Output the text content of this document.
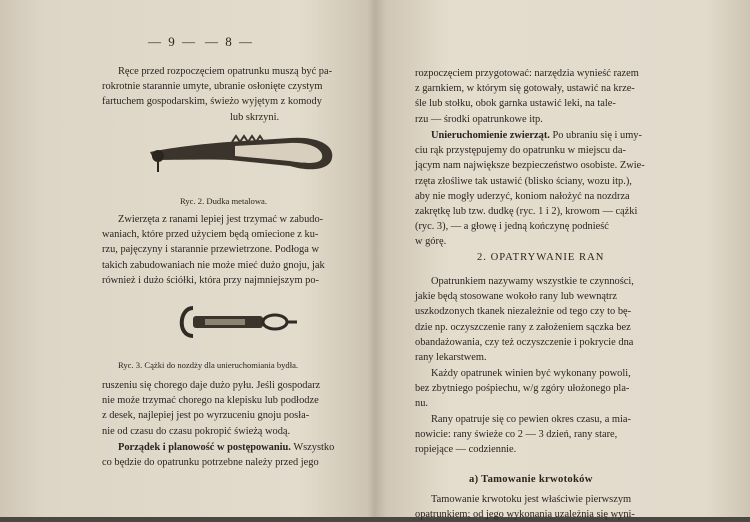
— 8 —
Ręce przed rozpoczęciem opatrunku muszą być pa-
rokrotnie starannie umyte, ubranie osłonięte czystym
fartuchem gospodarskim, świeżo wyjętym z komody
lub skrzyni.
Ryc. 2. Dudka metalowa.
Zwierzęta z ranami lepiej jest trzymać w zabudo-
waniach, które przed użyciem będą omiecione z ku-
rzu, pajęczyny i starannie przewietrzone. Podłoga w
takich zabudowaniach nie może mieć dużo gnoju, jak
również i dużo ściółki, która przy najmniejszym po-
Ryc. 3. Cążki do nozdży dla unieruchomiania bydła.
ruszeniu się chorego daje dużo pyłu. Jeśli gospodarz
nie może trzymać chorego na klepisku lub podłodze
z desek, najlepiej jest po wyrzuceniu gnoju posła-
nie od czasu do czasu pokropić świeżą wodą.
Porządek i planowość w postępowaniu. Wszystko
co będzie do opatrunku potrzebne należy przed jego
— 9 —
rozpoczęciem przygotować: narzędzia wynieść razem
z garnkiem, w którym się gotowały, ustawić na krze-
śle lub stołku, obok garnka ustawić leki, na tale-
rzu — środki opatrunkowe itp.
Unieruchomienie zwierząt. Po ubraniu się i umy-
ciu rąk przystępujemy do opatrunku w miejscu da-
jącym nam największe bezpieczeństwo osobiste. Zwie-
rzęta złośliwe tak ustawić (blisko ściany, wozu itp.),
aby nie mogły uderzyć, koniom nałożyć na nozdrza
zakrętkę lub tzw. dudkę (ryc. 1 i 2), krowom — cążki
(ryc. 3), — a głowę i jedną kończynę podnieść
w górę.
2. OPATRYWANIE RAN
Opatrunkiem nazywamy wszystkie te czynności,
jakie będą stosowane wokoło rany lub wewnątrz
uszkodzonych tkanek niezależnie od tego czy to bę-
dzie np. oczyszczenie rany z założeniem sączka bez
obandażowania, czy też oczyszczenie i pokrycie dna
rany lekarstwem.
Każdy opatrunek winien być wykonany powoli,
bez zbytniego pośpiechu, w/g zgóry ułożonego pla-
nu.
Rany opatruje się co pewien okres czasu, a mia-
nowicie: rany świeże co 2 — 3 dzień, rany stare,
ropiejące — codziennie.
a) Tamowanie krwotoków
Tamowanie krwotoku jest właściwie pierwszym
opatrunkiem; od jego wykonania uzależnia się wyni-
